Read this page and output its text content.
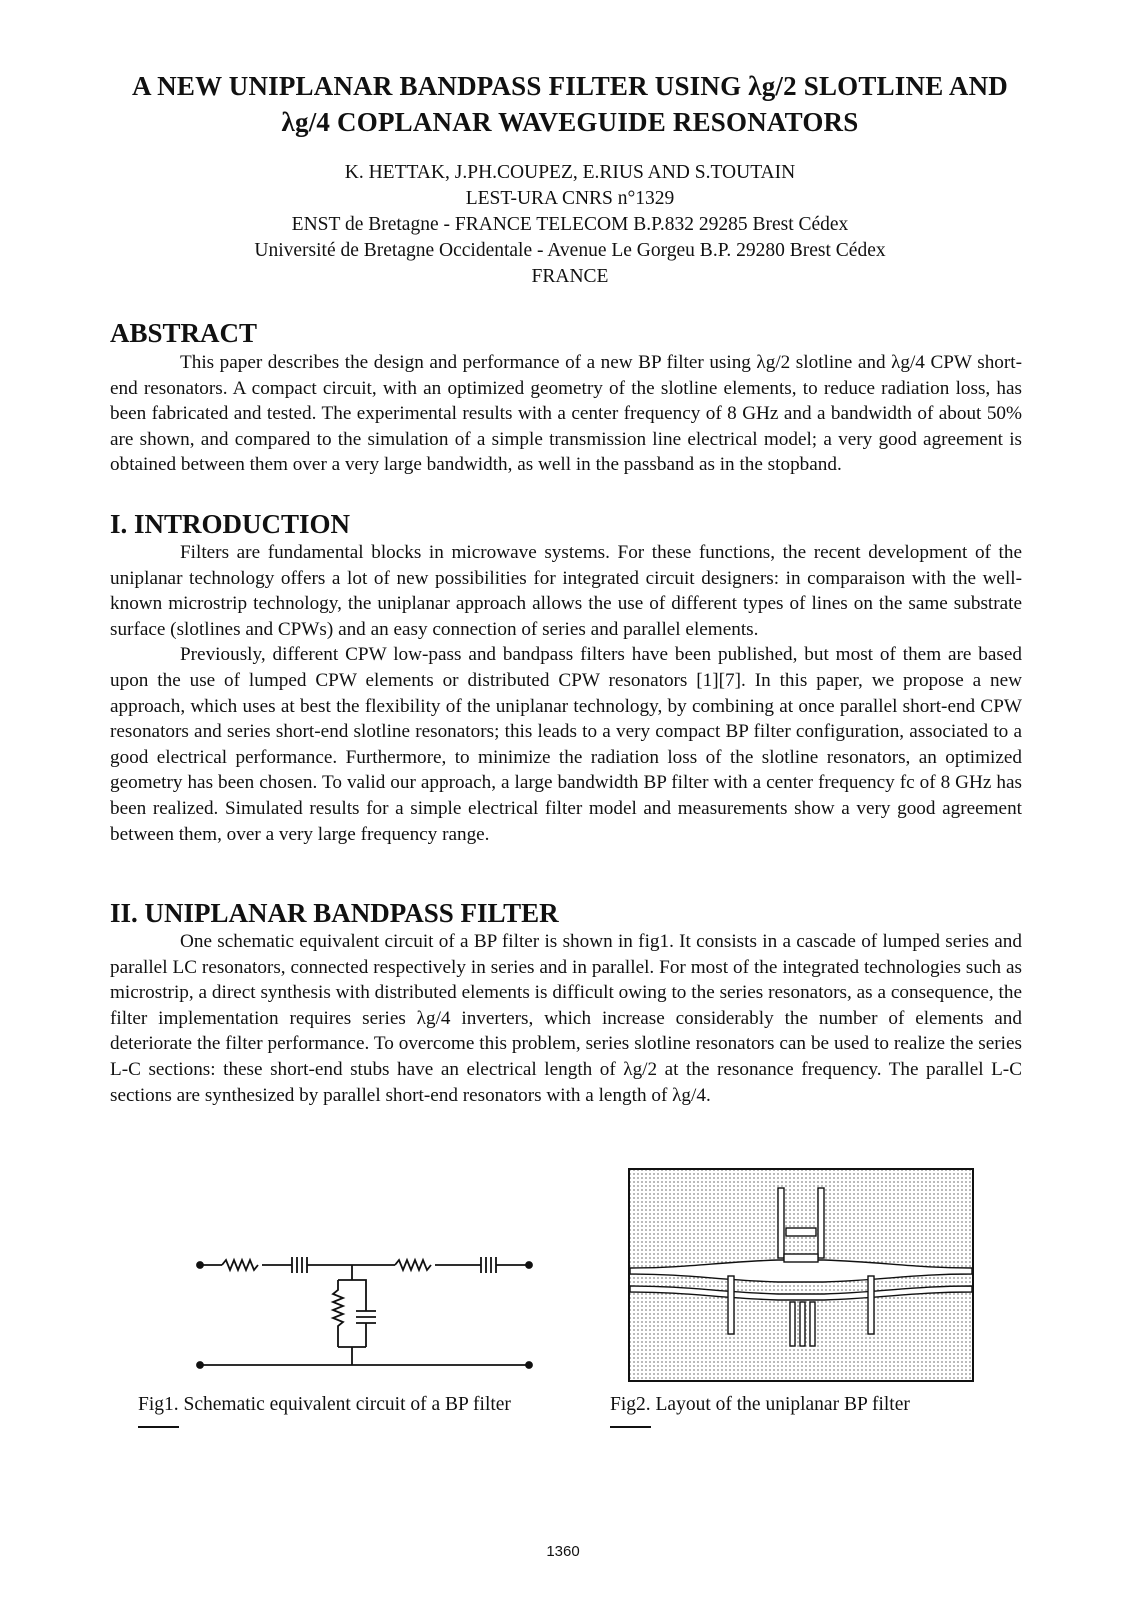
A NEW UNIPLANAR BANDPASS FILTER USING λg/2 SLOTLINE AND
λg/4 COPLANAR WAVEGUIDE RESONATORS
K. HETTAK, J.PH.COUPEZ, E.RIUS AND S.TOUTAIN
LEST-URA CNRS n°1329
ENST de Bretagne - FRANCE TELECOM B.P.832 29285 Brest Cédex
Université de Bretagne Occidentale - Avenue Le Gorgeu B.P. 29280 Brest Cédex
FRANCE
ABSTRACT

This paper describes the design and performance of a new BP filter using λg/2 slotline and λg/4 CPW short-end resonators. A compact circuit, with an optimized geometry of the slotline elements, to reduce radiation loss, has been fabricated and tested. The experimental results with a center frequency of 8 GHz and a bandwidth of about 50% are shown, and compared to the simulation of a simple transmission line electrical model; a very good agreement is obtained between them over a very large bandwidth, as well in the passband as in the stopband.

I. INTRODUCTION

Filters are fundamental blocks in microwave systems. For these functions, the recent development of the uniplanar technology offers a lot of new possibilities for integrated circuit designers: in comparaison with the well-known microstrip technology, the uniplanar approach allows the use of different types of lines on the same substrate surface (slotlines and CPWs) and an easy connection of series and parallel elements.

Previously, different CPW low-pass and bandpass filters have been published, but most of them are based upon the use of lumped CPW elements or distributed CPW resonators [1][7]. In this paper, we propose a new approach, which uses at best the flexibility of the uniplanar technology, by combining at once parallel short-end CPW resonators and series short-end slotline resonators; this leads to a very compact BP filter configuration, associated to a good electrical performance. Furthermore, to minimize the radiation loss of the slotline resonators, an optimized geometry has been chosen. To valid our approach, a large bandwidth BP filter with a center frequency fc of 8 GHz has been realized. Simulated results for a simple electrical filter model and measurements show a very good agreement between them, over a very large frequency range.

II. UNIPLANAR BANDPASS FILTER

One schematic equivalent circuit of a BP filter is shown in fig1. It consists in a cascade of lumped series and parallel LC resonators, connected respectively in series and in parallel. For most of the integrated technologies such as microstrip, a direct synthesis with distributed elements is difficult owing to the series resonators, as a consequence, the filter implementation requires series λg/4 inverters, which increase considerably the number of elements and deteriorate the filter performance. To overcome this problem, series slotline resonators can be used to realize the series L-C sections: these short-end stubs have an electrical length of λg/2 at the resonance frequency. The parallel L-C sections are synthesized by parallel short-end resonators with a length of λg/4.

Fig1. Schematic equivalent circuit of a BP filter	Fig2. Layout of the uniplanar BP filter
1360
